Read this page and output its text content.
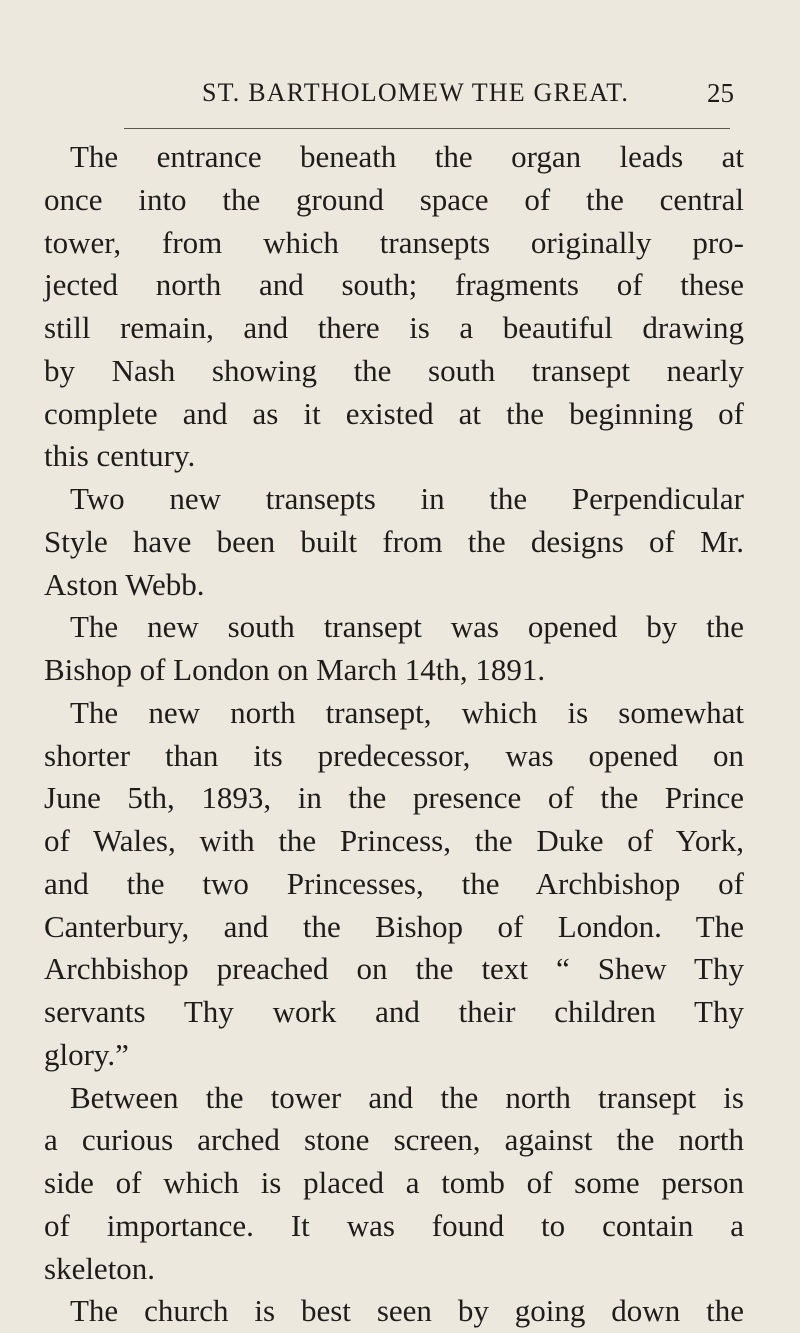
ST. BARTHOLOMEW THE GREAT.	25
The entrance beneath the organ leads at
once into the ground space of the central
tower, from which transepts originally pro-
jected north and south; fragments of these
still remain, and there is a beautiful drawing
by Nash showing the south transept nearly
complete and as it existed at the beginning of
this century.
Two new transepts in the Perpendicular
Style have been built from the designs of Mr.
Aston Webb.
The new south transept was opened by the
Bishop of London on March 14th, 1891.
The new north transept, which is somewhat
shorter than its predecessor, was opened on
June 5th, 1893, in the presence of the Prince
of Wales, with the Princess, the Duke of York,
and the two Princesses, the Archbishop of
Canterbury, and the Bishop of London. The
Archbishop preached on the text “ Shew Thy
servants Thy work and their children Thy
glory.”
Between the tower and the north transept is
a curious arched stone screen, against the north
side of which is placed a tomb of some person
of importance. It was found to contain a
skeleton.
The church is best seen by going down the
